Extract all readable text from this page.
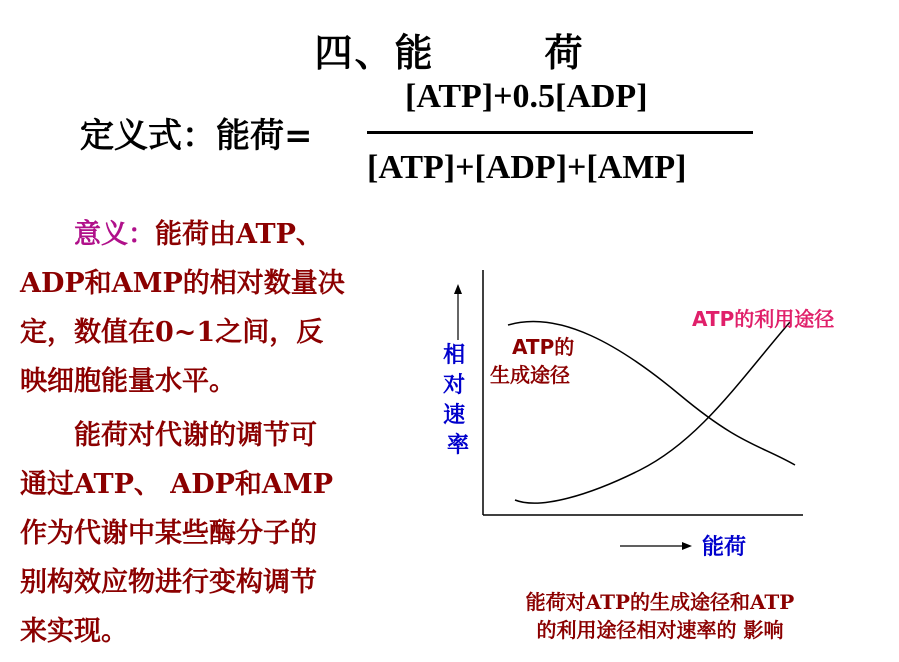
四、能	荷
定义式：能荷=
[ATP]+0.5[ADP]
[ATP]+[ADP]+[AMP]
意义：能荷由ATP、
ADP和AMP的相对数量决
定，数值在0~1之间，反
映细胞能量水平。
能荷对代谢的调节可
通过ATP、 ADP和AMP
作为代谢中某些酶分子的
别构效应物进行变构调节
来实现。
相 对 速 率
能荷
ATP的 生成途径
ATP的利用途径
能荷对ATP的生成途径和ATP
的利用途径相对速率的 影响
